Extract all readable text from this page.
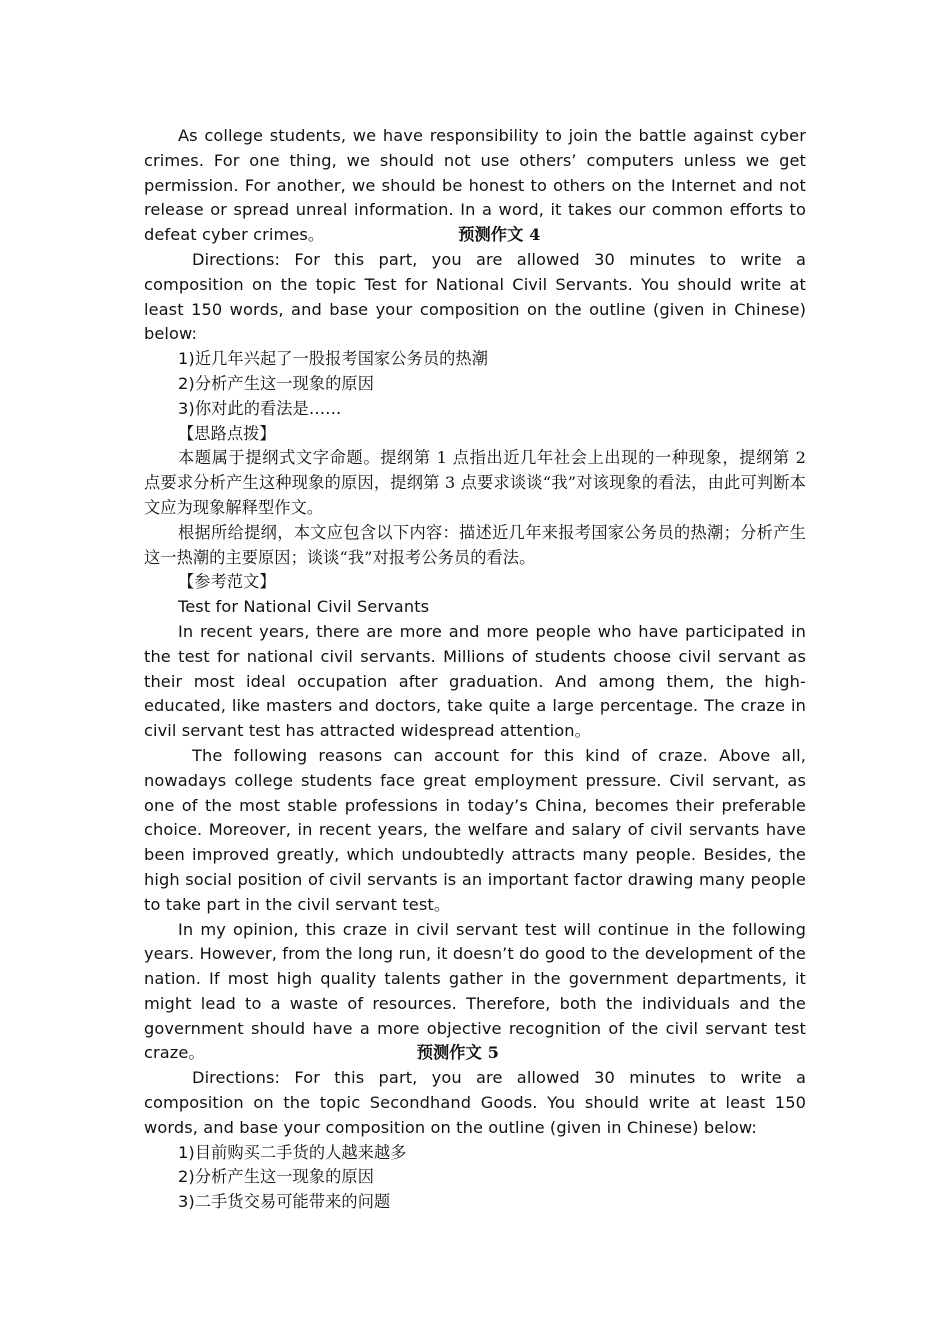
As college students, we have responsibility to join the battle against cyber crimes. For one thing, we should not use others’ computers unless we get permission. For another, we should be honest to others on the Internet and not release or spread unreal information. In a word, it takes our common efforts to defeat cyber crimes。	预测作文 4

Directions: For this part, you are allowed 30 minutes to write a composition on the topic Test for National Civil Servants. You should write at least 150 words, and base your composition on the outline (given in Chinese) below:

1)近几年兴起了一股报考国家公务员的热潮

2)分析产生这一现象的原因

3)你对此的看法是……

【思路点拨】

本题属于提纲式文字命题。提纲第 1 点指出近几年社会上出现的一种现象，提纲第 2 点要求分析产生这种现象的原因，提纲第 3 点要求谈谈“我”对该现象的看法，由此可判断本文应为现象解释型作文。

根据所给提纲，本文应包含以下内容：描述近几年来报考国家公务员的热潮；分析产生这一热潮的主要原因；谈谈“我”对报考公务员的看法。

【参考范文】

Test for National Civil Servants

In recent years, there are more and more people who have participated in the test for national civil servants. Millions of students choose civil servant as their most ideal occupation after graduation. And among them, the high-educated, like masters and doctors, take quite a large percentage. The craze in civil servant test has attracted widespread attention。

The following reasons can account for this kind of craze. Above all, nowadays college students face great employment pressure. Civil servant, as one of the most stable professions in today’s China, becomes their preferable choice. Moreover, in recent years, the welfare and salary of civil servants have been improved greatly, which undoubtedly attracts many people. Besides, the high social position of civil servants is an important factor drawing many people to take part in the civil servant test。

In my opinion, this craze in civil servant test will continue in the following years. However, from the long run, it doesn’t do good to the development of the nation. If most high quality talents gather in the government departments, it might lead to a waste of resources. Therefore, both the individuals and the government should have a more objective recognition of the civil servant test craze。	预测作文 5

Directions: For this part, you are allowed 30 minutes to write a composition on the topic Secondhand Goods. You should write at least 150 words, and base your composition on the outline (given in Chinese) below:

1)目前购买二手货的人越来越多

2)分析产生这一现象的原因

3)二手货交易可能带来的问题
